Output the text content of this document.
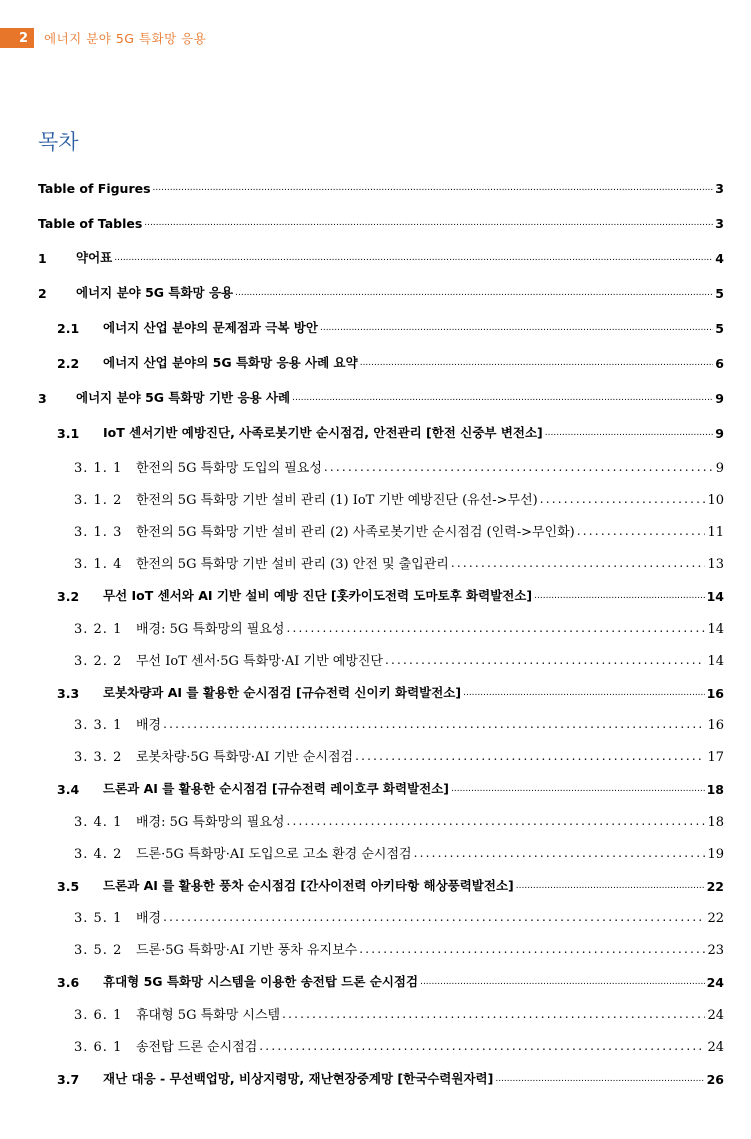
2	에너지 분야 5G 특화망 응용
목차
Table of Figures .....	3
Table of Tables .....	3
1	약어표 .....	4
2	에너지 분야 5G 특화망 응용 .....	5
2.1	에너지 산업 분야의 문제점과 극복 방안 .....	5
2.2	에너지 산업 분야의 5G 특화망 응용 사례 요약 .....	6
3	에너지 분야 5G 특화망 기반 응용 사례 .....	9
3.1	IoT 센서기반 예방진단, 사족로봇기반 순시점검, 안전관리 [한전 신중부 변전소] .....	9
3. 1. 1	한전의 5G 특화망 도입의 필요성 .....	9
3. 1. 2	한전의 5G 특화망 기반 설비 관리 (1) IoT 기반 예방진단 (유선->무선) .....	10
3. 1. 3	한전의 5G 특화망 기반 설비 관리 (2) 사족로봇기반 순시점검 (인력->무인화) .....	11
3. 1. 4	한전의 5G 특화망 기반 설비 관리 (3) 안전 및 출입관리 .....	13
3.2	무선 IoT 센서와 AI 기반 설비 예방 진단 [홋카이도전력 도마토후 화력발전소] .....	14
3. 2. 1	배경: 5G 특화망의 필요성 .....	14
3. 2. 2	무선 IoT 센서·5G 특화망·AI 기반 예방진단 .....	14
3.3	로봇차량과 AI 를 활용한 순시점검 [규슈전력 신이키 화력발전소] .....	16
3. 3. 1	배경 .....	16
3. 3. 2	로봇차량·5G 특화망·AI 기반 순시점검 .....	17
3.4	드론과 AI 를 활용한 순시점검 [규슈전력 레이호쿠 화력발전소] .....	18
3. 4. 1	배경: 5G 특화망의 필요성 .....	18
3. 4. 2	드론·5G 특화망·AI 도입으로 고소 환경 순시점검 .....	19
3.5	드론과 AI 를 활용한 풍차 순시점검 [간사이전력 아키타항 해상풍력발전소] .....	22
3. 5. 1	배경 .....	22
3. 5. 2	드론·5G 특화망·AI 기반 풍차 유지보수 .....	23
3.6	휴대형 5G 특화망 시스템을 이용한 송전탑 드론 순시점검 .....	24
3. 6. 1	휴대형 5G 특화망 시스템 .....	24
3. 6. 1	송전탑 드론 순시점검 .....	24
3.7	재난 대응 - 무선백업망, 비상지령망, 재난현장중계망 [한국수력원자력] .....	26
